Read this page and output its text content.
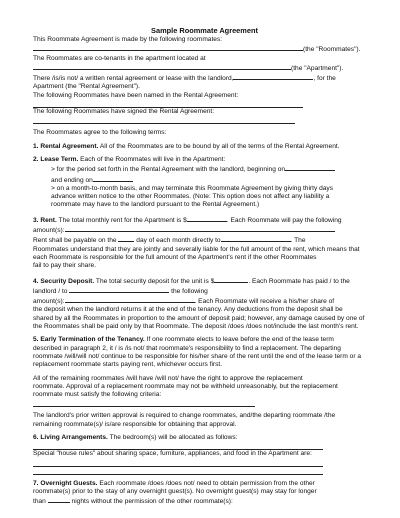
Sample Roommate Agreement
This Roommate Agreement is made by the following roommates:
(the "Roommates").
The Roommates are co-tenants in the apartment located at
(the "Apartment").
There /is/is not/ a written rental agreement or lease with the landlord,	, for the
Apartment (the "Rental Agreement").
The following Roommates have been named in the Rental Agreement:
The following Roommates have signed the Rental Agreement:
The Roommates agree to the following terms:
1. Rental Agreement. All of the Roommates are to be bound by all of the terms of the Rental Agreement.
2. Lease Term. Each of the Roommates will live in the Apartment:
> for the period set forth in the Rental Agreement with the landlord, beginning on
and ending on
> on a month-to-month basis, and may terminate this Roommate Agreement by giving thirty days
advance written notice to the other Roommates. (Note: This option does not affect any liability a
roommate may have to the landlord pursuant to the Rental Agreement.)
3. Rent. The total monthly rent for the Apartment is $	. Each Roommate will pay the following
amount(s):
Rent shall be payable on the	day of each month directly to	. The
Roommates understand that they are jointly and severally liable for the full amount of the rent, which means that
each Roommate is responsible for the full amount of the Apartment's rent if the other Roommates
fail to pay their share.
4. Security Deposit. The total security deposit for the unit is $	. Each Roommate has paid / to the
landlord / to	the following
amount(s):	. Each Roommate will receive a his/her share of
the deposit when the landlord returns it at the end of the tenancy. Any deductions from the deposit shall be
shared by all the Roommates in proportion to the amount of deposit paid; however, any damage caused by one of
the Roommates shall be paid only by that Roommate. The deposit /does /does not/include the last month's rent.
5. Early Termination of the Tenancy. If one roommate elects to leave before the end of the lease term
described in paragraph 2, it / is /is not/ that roommate's responsibility to find a replacement. The departing
roommate /will/will not/ continue to be responsible for his/her share of the rent until the end of the lease term or a
replacement roommate starts paying rent, whichever occurs first.
All of the remaining roommates /will have /will not/ have the right to approve the replacement
roommate. Approval of a replacement roommate may not be withheld unreasonably, but the replacement
roommate must satisfy the following criteria:
The landlord's prior written approval is required to change roommates, and/the departing roommate /the
remaining roommate(s)/ is/are responsible for obtaining that approval.
6. Living Arrangements. The bedroom(s) will be allocated as follows:
Special "house rules" about sharing space, furniture, appliances, and food in the Apartment are:
7. Overnight Guests. Each roommate /does /does not/ need to obtain permission from the other
roommate(s) prior to the stay of any overnight guest(s). No overnight guest(s) may stay for longer
than	nights without the permission of the other roommate(s):
